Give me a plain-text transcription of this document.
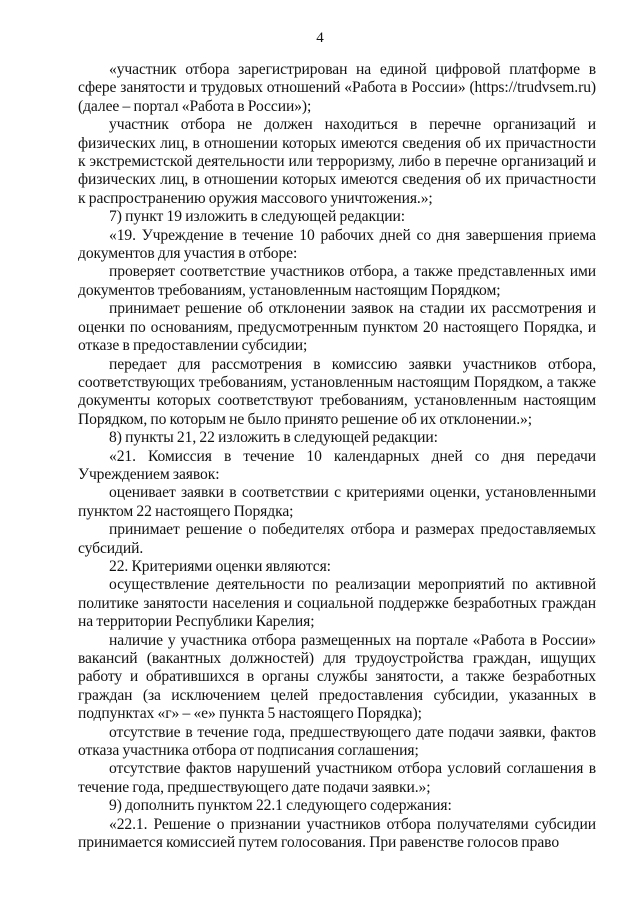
4

«участник отбора зарегистрирован на единой цифровой платформе в сфере занятости и трудовых отношений «Работа в России» (https://trudvsem.ru) (далее – портал «Работа в России»);

участник отбора не должен находиться в перечне организаций и физических лиц, в отношении которых имеются сведения об их причастности к экстремистской деятельности или терроризму, либо в перечне организаций и физических лиц, в отношении которых имеются сведения об их причастности к распространению оружия массового уничтожения.»;

7) пункт 19 изложить в следующей редакции:

«19. Учреждение в течение 10 рабочих дней со дня завершения приема документов для участия в отборе:

проверяет соответствие участников отбора, а также представленных ими документов требованиям, установленным настоящим Порядком;

принимает решение об отклонении заявок на стадии их рассмотрения и оценки по основаниям, предусмотренным пунктом 20 настоящего Порядка, и отказе в предоставлении субсидии;

передает для рассмотрения в комиссию заявки участников отбора, соответствующих требованиям, установленным настоящим Порядком, а также документы которых соответствуют требованиям, установленным настоящим Порядком, по которым не было принято решение об их отклонении.»;

8) пункты 21, 22 изложить в следующей редакции:

«21. Комиссия в течение 10 календарных дней со дня передачи Учреждением заявок:

оценивает заявки в соответствии с критериями оценки, установленными пунктом 22 настоящего Порядка;

принимает решение о победителях отбора и размерах предоставляемых субсидий.

22. Критериями оценки являются:

осуществление деятельности по реализации мероприятий по активной политике занятости населения и социальной поддержке безработных граждан на территории Республики Карелия;

наличие у участника отбора размещенных на портале «Работа в России» вакансий (вакантных должностей) для трудоустройства граждан, ищущих работу и обратившихся в органы службы занятости, а также безработных граждан (за исключением целей предоставления субсидии, указанных в подпунктах «г» – «е» пункта 5 настоящего Порядка);

отсутствие в течение года, предшествующего дате подачи заявки, фактов отказа участника отбора от подписания соглашения;

отсутствие фактов нарушений участником отбора условий соглашения в течение года, предшествующего дате подачи заявки.»;

9) дополнить пунктом 22.1 следующего содержания:

«22.1. Решение о признании участников отбора получателями субсидии принимается комиссией путем голосования. При равенстве голосов право
